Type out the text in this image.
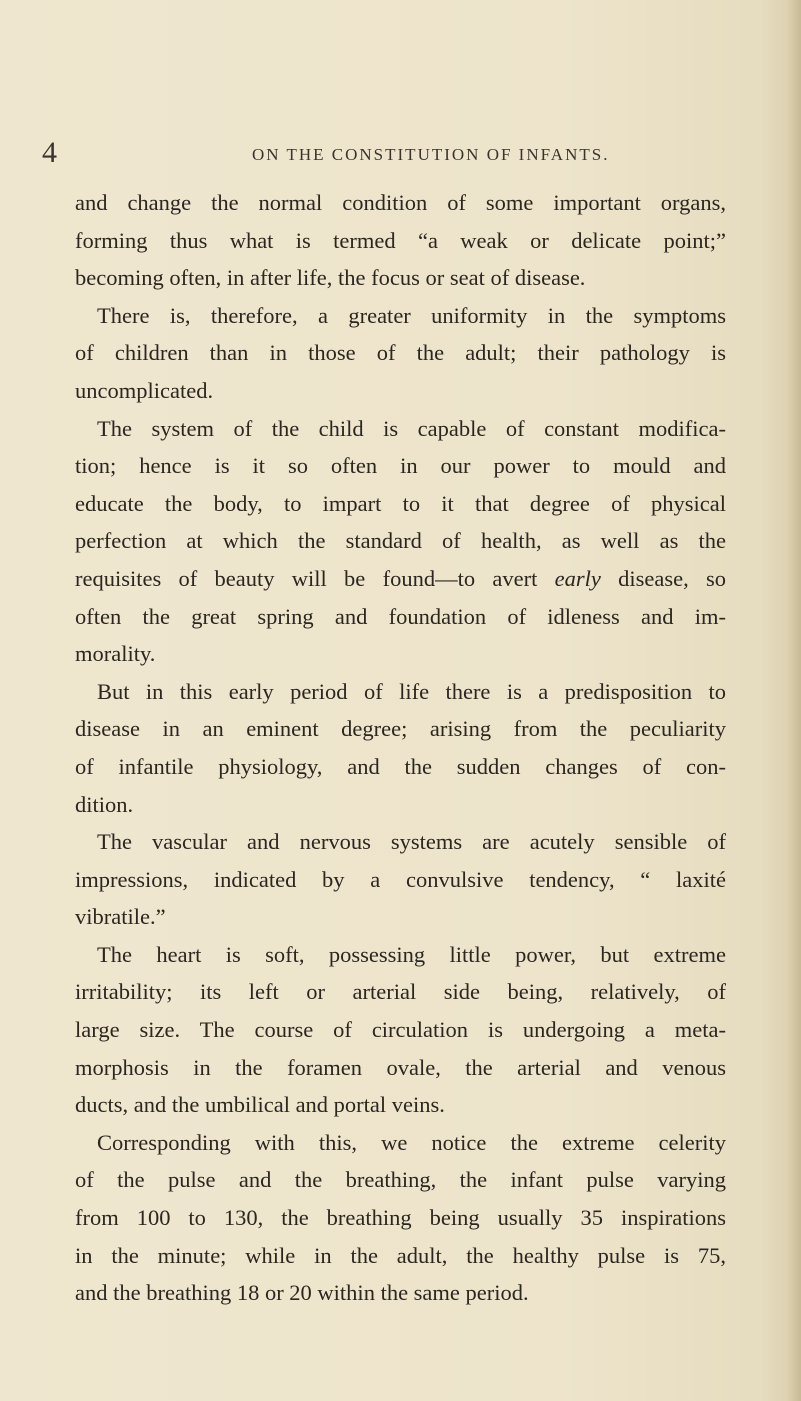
4	ON THE CONSTITUTION OF INFANTS.
and change the normal condition of some important organs,
forming thus what is termed “a weak or delicate point;”
becoming often, in after life, the focus or seat of disease.
There is, therefore, a greater uniformity in the symptoms
of children than in those of the adult; their pathology is
uncomplicated.
The system of the child is capable of constant modifica-
tion; hence is it so often in our power to mould and
educate the body, to impart to it that degree of physical
perfection at which the standard of health, as well as the
requisites of beauty will be found—to avert early disease, so
often the great spring and foundation of idleness and im-
morality.
But in this early period of life there is a predisposition to
disease in an eminent degree; arising from the peculiarity
of infantile physiology, and the sudden changes of con-
dition.
The vascular and nervous systems are acutely sensible of
impressions, indicated by a convulsive tendency, “ laxité
vibratile.”
The heart is soft, possessing little power, but extreme
irritability; its left or arterial side being, relatively, of
large size. The course of circulation is undergoing a meta-
morphosis in the foramen ovale, the arterial and venous
ducts, and the umbilical and portal veins.
Corresponding with this, we notice the extreme celerity
of the pulse and the breathing, the infant pulse varying
from 100 to 130, the breathing being usually 35 inspirations
in the minute; while in the adult, the healthy pulse is 75,
and the breathing 18 or 20 within the same period.
